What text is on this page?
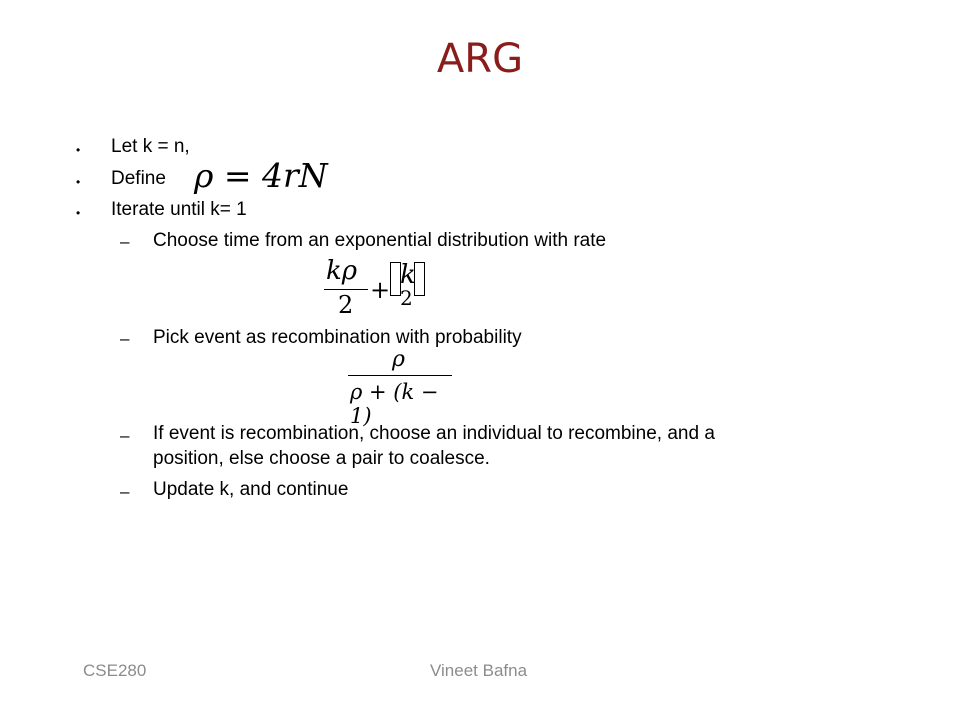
ARG
• Let k = n,
• Define ρ = 4rN
• Iterate until k= 1
– Choose time from an exponential distribution with rate
kρ
2
+ k
2
– Pick event as recombination with probability
ρ
ρ + (k − 1)
– If event is recombination, choose an individual to recombine, and a
position, else choose a pair to coalesce.
– Update k, and continue
CSE280	Vineet Bafna
